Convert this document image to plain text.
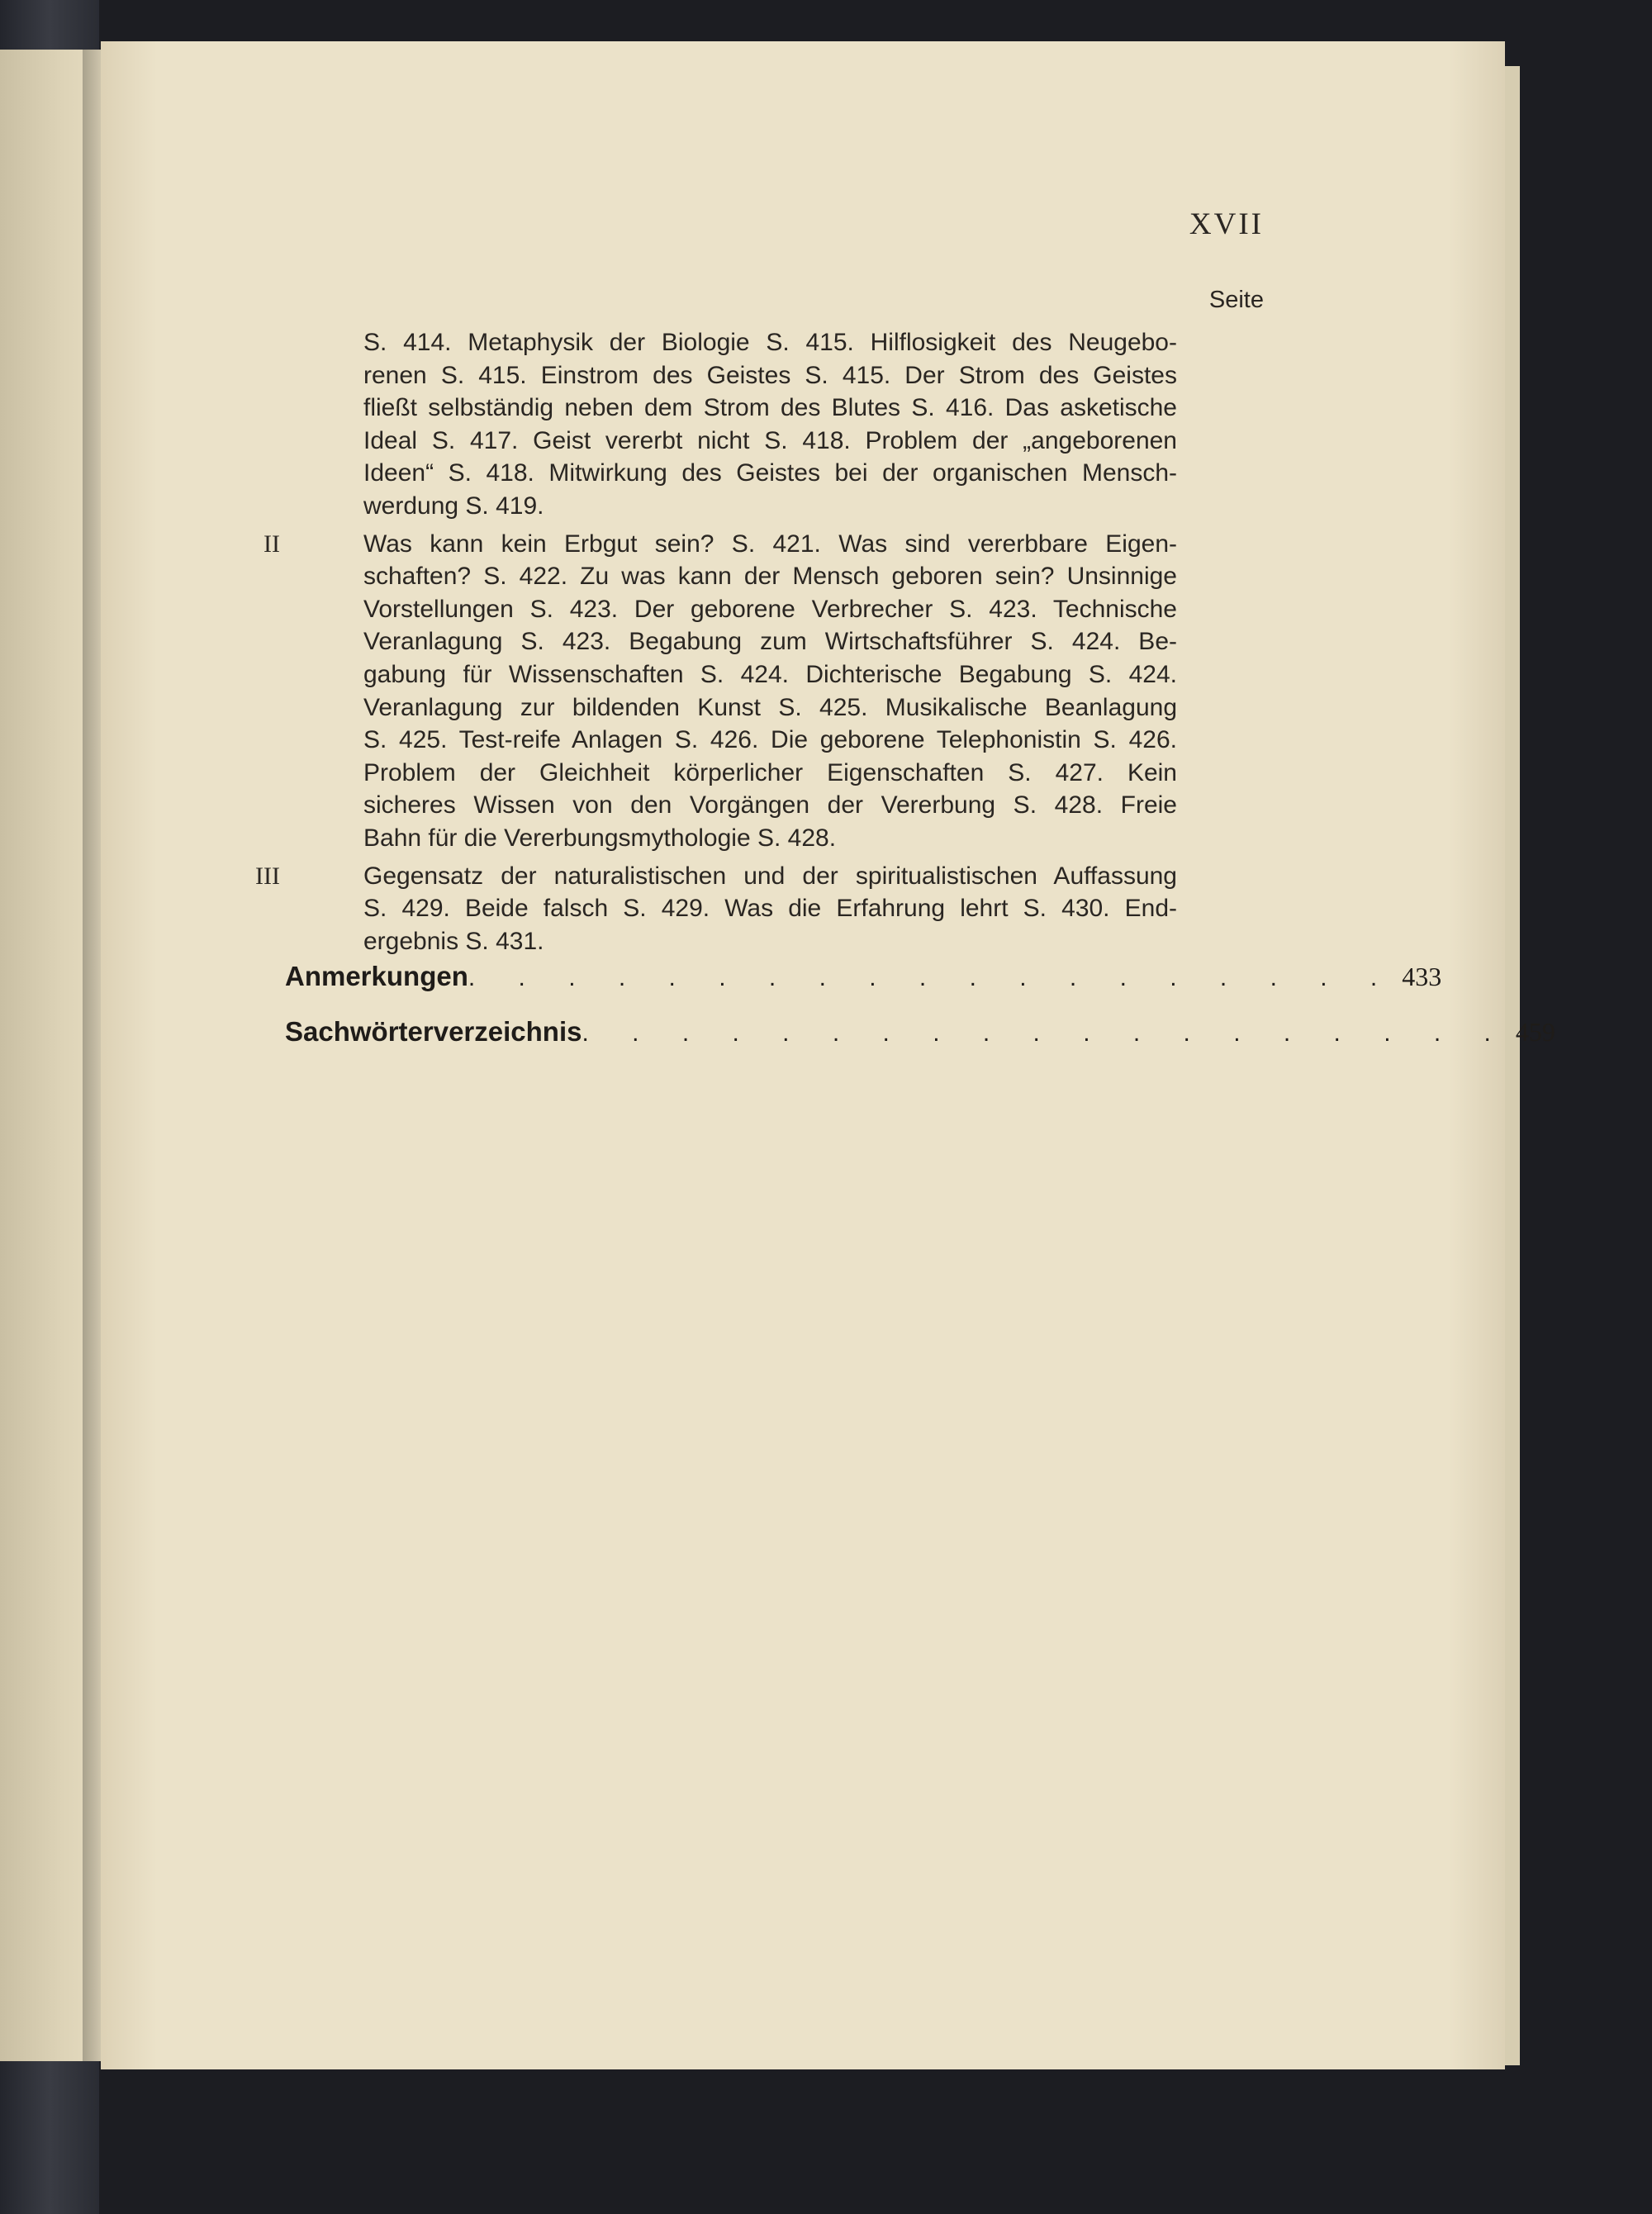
XVII
Seite
S. 414. Metaphysik der Biologie S. 415. Hilflosigkeit des Neugebo-
renen S. 415. Einstrom des Geistes S. 415. Der Strom des Geistes
fließt selbständig neben dem Strom des Blutes S. 416. Das asketische
Ideal S. 417. Geist vererbt nicht S. 418. Problem der „angeborenen
Ideen“ S. 418. Mitwirkung des Geistes bei der organischen Mensch-
werdung S. 419.
II	Was kann kein Erbgut sein? S. 421. Was sind vererbbare Eigen-
schaften? S. 422. Zu was kann der Mensch geboren sein? Unsinnige
Vorstellungen S. 423. Der geborene Verbrecher S. 423. Technische
Veranlagung S. 423. Begabung zum Wirtschaftsführer S. 424. Be-
gabung für Wissenschaften S. 424. Dichterische Begabung S. 424.
Veranlagung zur bildenden Kunst S. 425. Musikalische Beanlagung
S. 425. Test-reife Anlagen S. 426. Die geborene Telephonistin S. 426.
Problem der Gleichheit körperlicher Eigenschaften S. 427. Kein
sicheres Wissen von den Vorgängen der Vererbung S. 428. Freie
Bahn für die Vererbungsmythologie S. 428.
III	Gegensatz der naturalistischen und der spiritualistischen Auffassung
S. 429. Beide falsch S. 429. Was die Erfahrung lehrt S. 430. End-
ergebnis S. 431.
Anmerkungen . . . . . . . . . . . . . . . . . . . 433
Sachwörterverzeichnis . . . . . . . . . . . . . . . . . . . 459
